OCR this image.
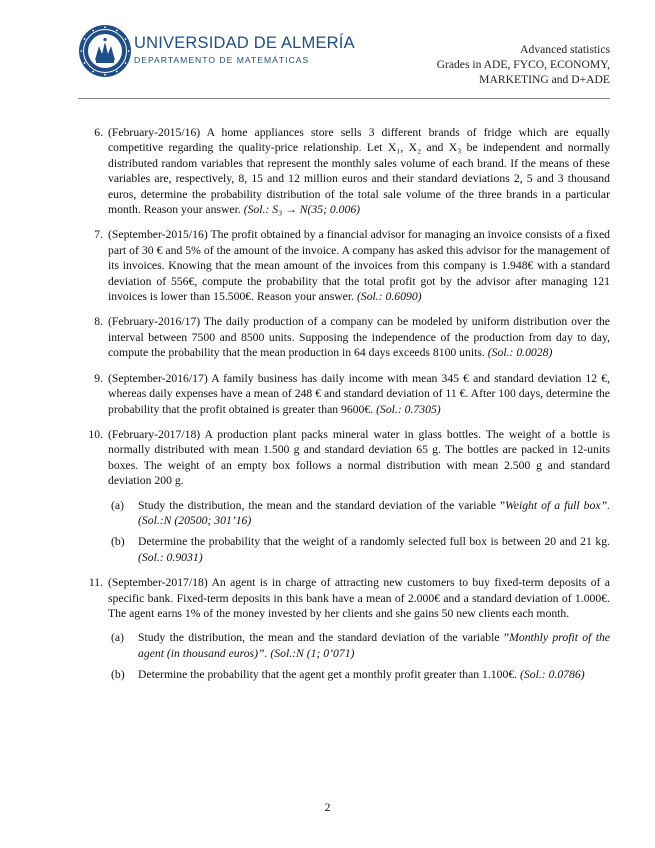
UNIVERSIDAD DE ALMERÍA
DEPARTAMENTO DE MATEMÁTICAS
Advanced statistics
Grades in ADE, FYCO, ECONOMY,
MARKETING and D+ADE
6. (February-2015/16) A home appliances store sells 3 different brands of fridge which are equally competitive regarding the quality-price relationship. Let X₁, X₂ and X₃ be independent and normally distributed random variables that represent the monthly sales volume of each brand. If the means of these variables are, respectively, 8, 15 and 12 million euros and their standard deviations 2, 5 and 3 thousand euros, determine the probability distribution of the total sale volume of the three brands in a particular month. Reason your answer. (Sol.: S₃ → N(35; 0.006)
7. (September-2015/16) The profit obtained by a financial advisor for managing an invoice consists of a fixed part of 30 € and 5% of the amount of the invoice. A company has asked this advisor for the management of its invoices. Knowing that the mean amount of the invoices from this company is 1.948€ with a standard deviation of 556€, compute the probability that the total profit got by the advisor after managing 121 invoices is lower than 15.500€. Reason your answer. (Sol.: 0.6090)
8. (February-2016/17) The daily production of a company can be modeled by uniform distribution over the interval between 7500 and 8500 units. Supposing the independence of the production from day to day, compute the probability that the mean production in 64 days exceeds 8100 units. (Sol.: 0.0028)
9. (September-2016/17) A family business has daily income with mean 345 € and standard deviation 12 €, whereas daily expenses have a mean of 248 € and standard deviation of 11 €. After 100 days, determine the probability that the profit obtained is greater than 9600€. (Sol.: 0.7305)
10. (February-2017/18) A production plant packs mineral water in glass bottles. The weight of a bottle is normally distributed with mean 1.500 g and standard deviation 65 g. The bottles are packed in 12-units boxes. The weight of an empty box follows a normal distribution with mean 2.500 g and standard deviation 200 g.
(a) Study the distribution, the mean and the standard deviation of the variable ”Weight of a full box”. (Sol.:N (20500; 301’16)
(b) Determine the probability that the weight of a randomly selected full box is between 20 and 21 kg. (Sol.: 0.9031)
11. (September-2017/18) An agent is in charge of attracting new customers to buy fixed-term deposits of a specific bank. Fixed-term deposits in this bank have a mean of 2.000€ and a standard deviation of 1.000€. The agent earns 1% of the money invested by her clients and she gains 50 new clients each month.
(a) Study the distribution, the mean and the standard deviation of the variable ”Monthly profit of the agent (in thousand euros)”. (Sol.:N (1; 0’071)
(b) Determine the probability that the agent get a monthly profit greater than 1.100€. (Sol.: 0.0786)
2
